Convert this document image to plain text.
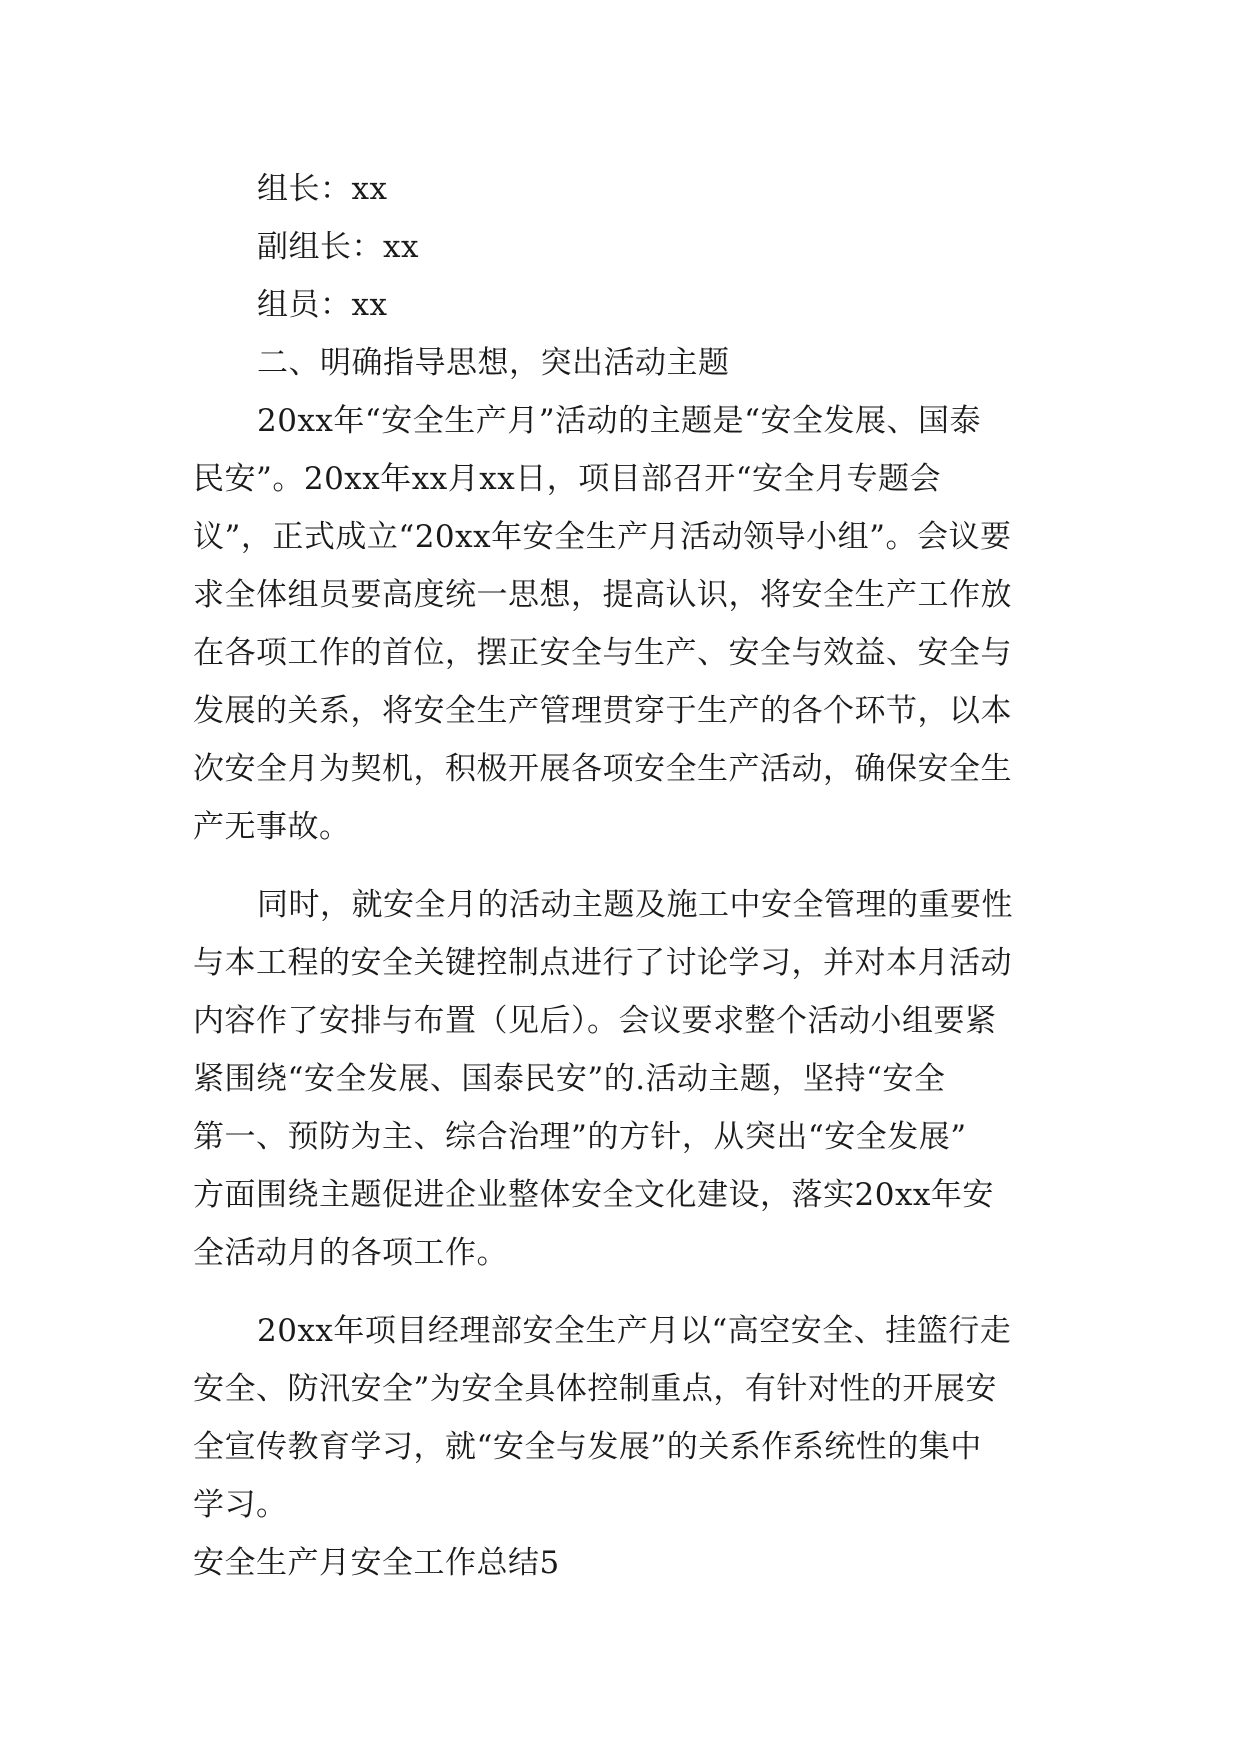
组长：xx
副组长：xx
组员：xx
二、明确指导思想，突出活动主题
20xx年“安全生产月”活动的主题是“安全发展、国泰
民安”。20xx年xx月xx日，项目部召开“安全月专题会
议”，正式成立“20xx年安全生产月活动领导小组”。会议要
求全体组员要高度统一思想，提高认识，将安全生产工作放
在各项工作的首位，摆正安全与生产、安全与效益、安全与
发展的关系，将安全生产管理贯穿于生产的各个环节，以本
次安全月为契机，积极开展各项安全生产活动，确保安全生
产无事故。
同时，就安全月的活动主题及施工中安全管理的重要性
与本工程的安全关键控制点进行了讨论学习，并对本月活动
内容作了安排与布置（见后）。会议要求整个活动小组要紧
紧围绕“安全发展、国泰民安”的.活动主题，坚持“安全
第一、预防为主、综合治理”的方针，从突出“安全发展”
方面围绕主题促进企业整体安全文化建设，落实20xx年安
全活动月的各项工作。
20xx年项目经理部安全生产月以“高空安全、挂篮行走
安全、防汛安全”为安全具体控制重点，有针对性的开展安
全宣传教育学习，就“安全与发展”的关系作系统性的集中
学习。
安全生产月安全工作总结5
